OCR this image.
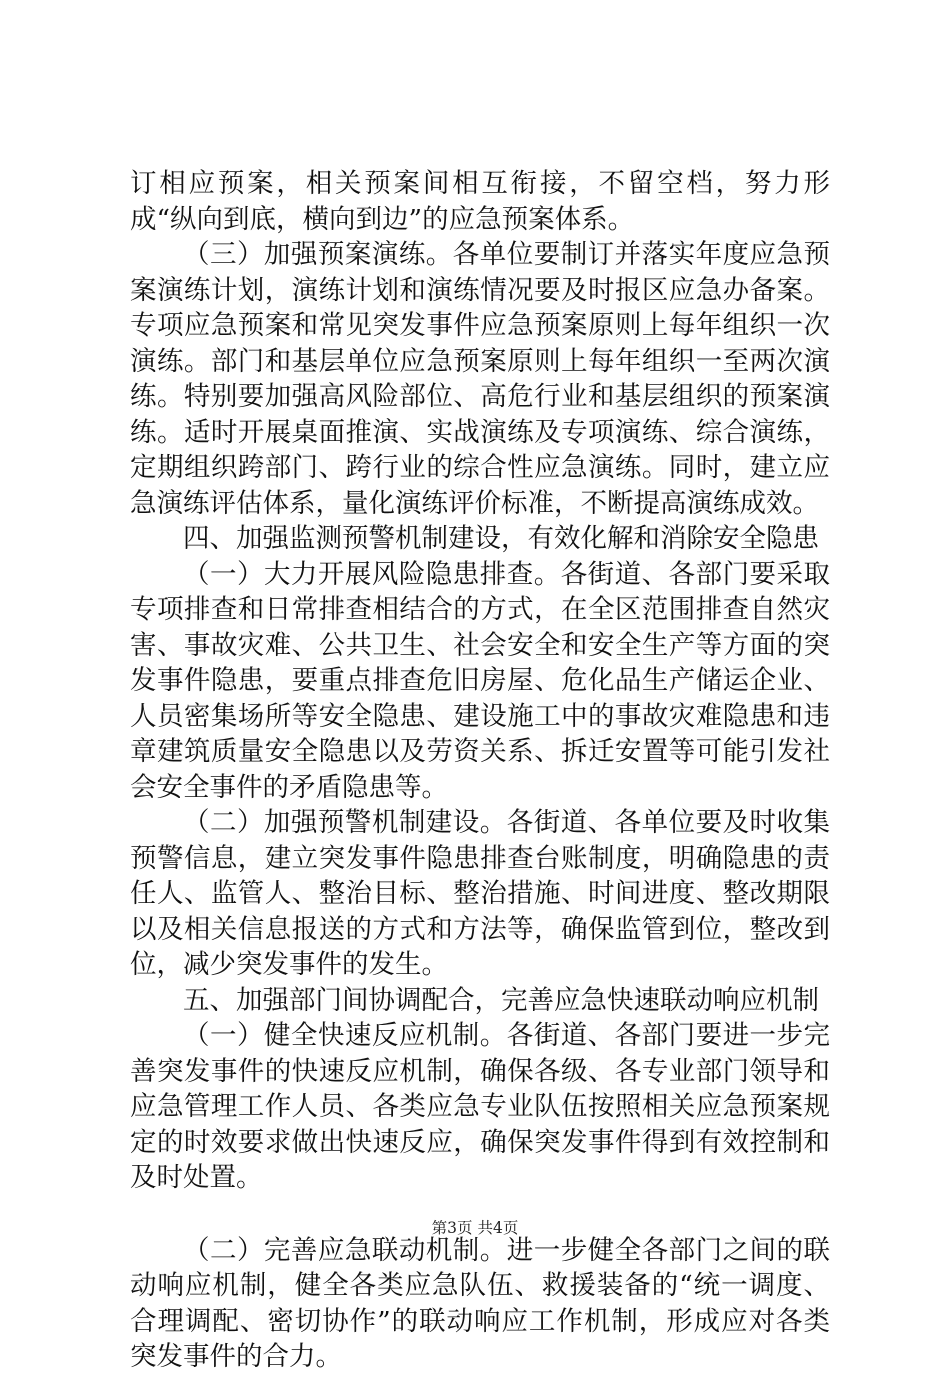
订相应预案，相关预案间相互衔接，不留空档，努力形成“纵向到底，横向到边”的应急预案体系。

（三）加强预案演练。各单位要制订并落实年度应急预案演练计划，演练计划和演练情况要及时报区应急办备案。专项应急预案和常见突发事件应急预案原则上每年组织一次演练。部门和基层单位应急预案原则上每年组织一至两次演练。特别要加强高风险部位、高危行业和基层组织的预案演练。适时开展桌面推演、实战演练及专项演练、综合演练，定期组织跨部门、跨行业的综合性应急演练。同时，建立应急演练评估体系，量化演练评价标准，不断提高演练成效。

四、加强监测预警机制建设，有效化解和消除安全隐患

（一）大力开展风险隐患排查。各街道、各部门要采取专项排查和日常排查相结合的方式，在全区范围排查自然灾害、事故灾难、公共卫生、社会安全和安全生产等方面的突发事件隐患，要重点排查危旧房屋、危化品生产储运企业、人员密集场所等安全隐患、建设施工中的事故灾难隐患和违章建筑质量安全隐患以及劳资关系、拆迁安置等可能引发社会安全事件的矛盾隐患等。

（二）加强预警机制建设。各街道、各单位要及时收集预警信息，建立突发事件隐患排查台账制度，明确隐患的责任人、监管人、整治目标、整治措施、时间进度、整改期限以及相关信息报送的方式和方法等，确保监管到位，整改到位，减少突发事件的发生。

五、加强部门间协调配合，完善应急快速联动响应机制

（一）健全快速反应机制。各街道、各部门要进一步完善突发事件的快速反应机制，确保各级、各专业部门领导和应急管理工作人员、各类应急专业队伍按照相关应急预案规定的时效要求做出快速反应，确保突发事件得到有效控制和及时处置。

（二）完善应急联动机制。进一步健全各部门之间的联动响应机制，健全各类应急队伍、救援装备的“统一调度、合理调配、密切协作”的联动响应工作机制，形成应对各类突发事件的合力。

第3页 共4页
